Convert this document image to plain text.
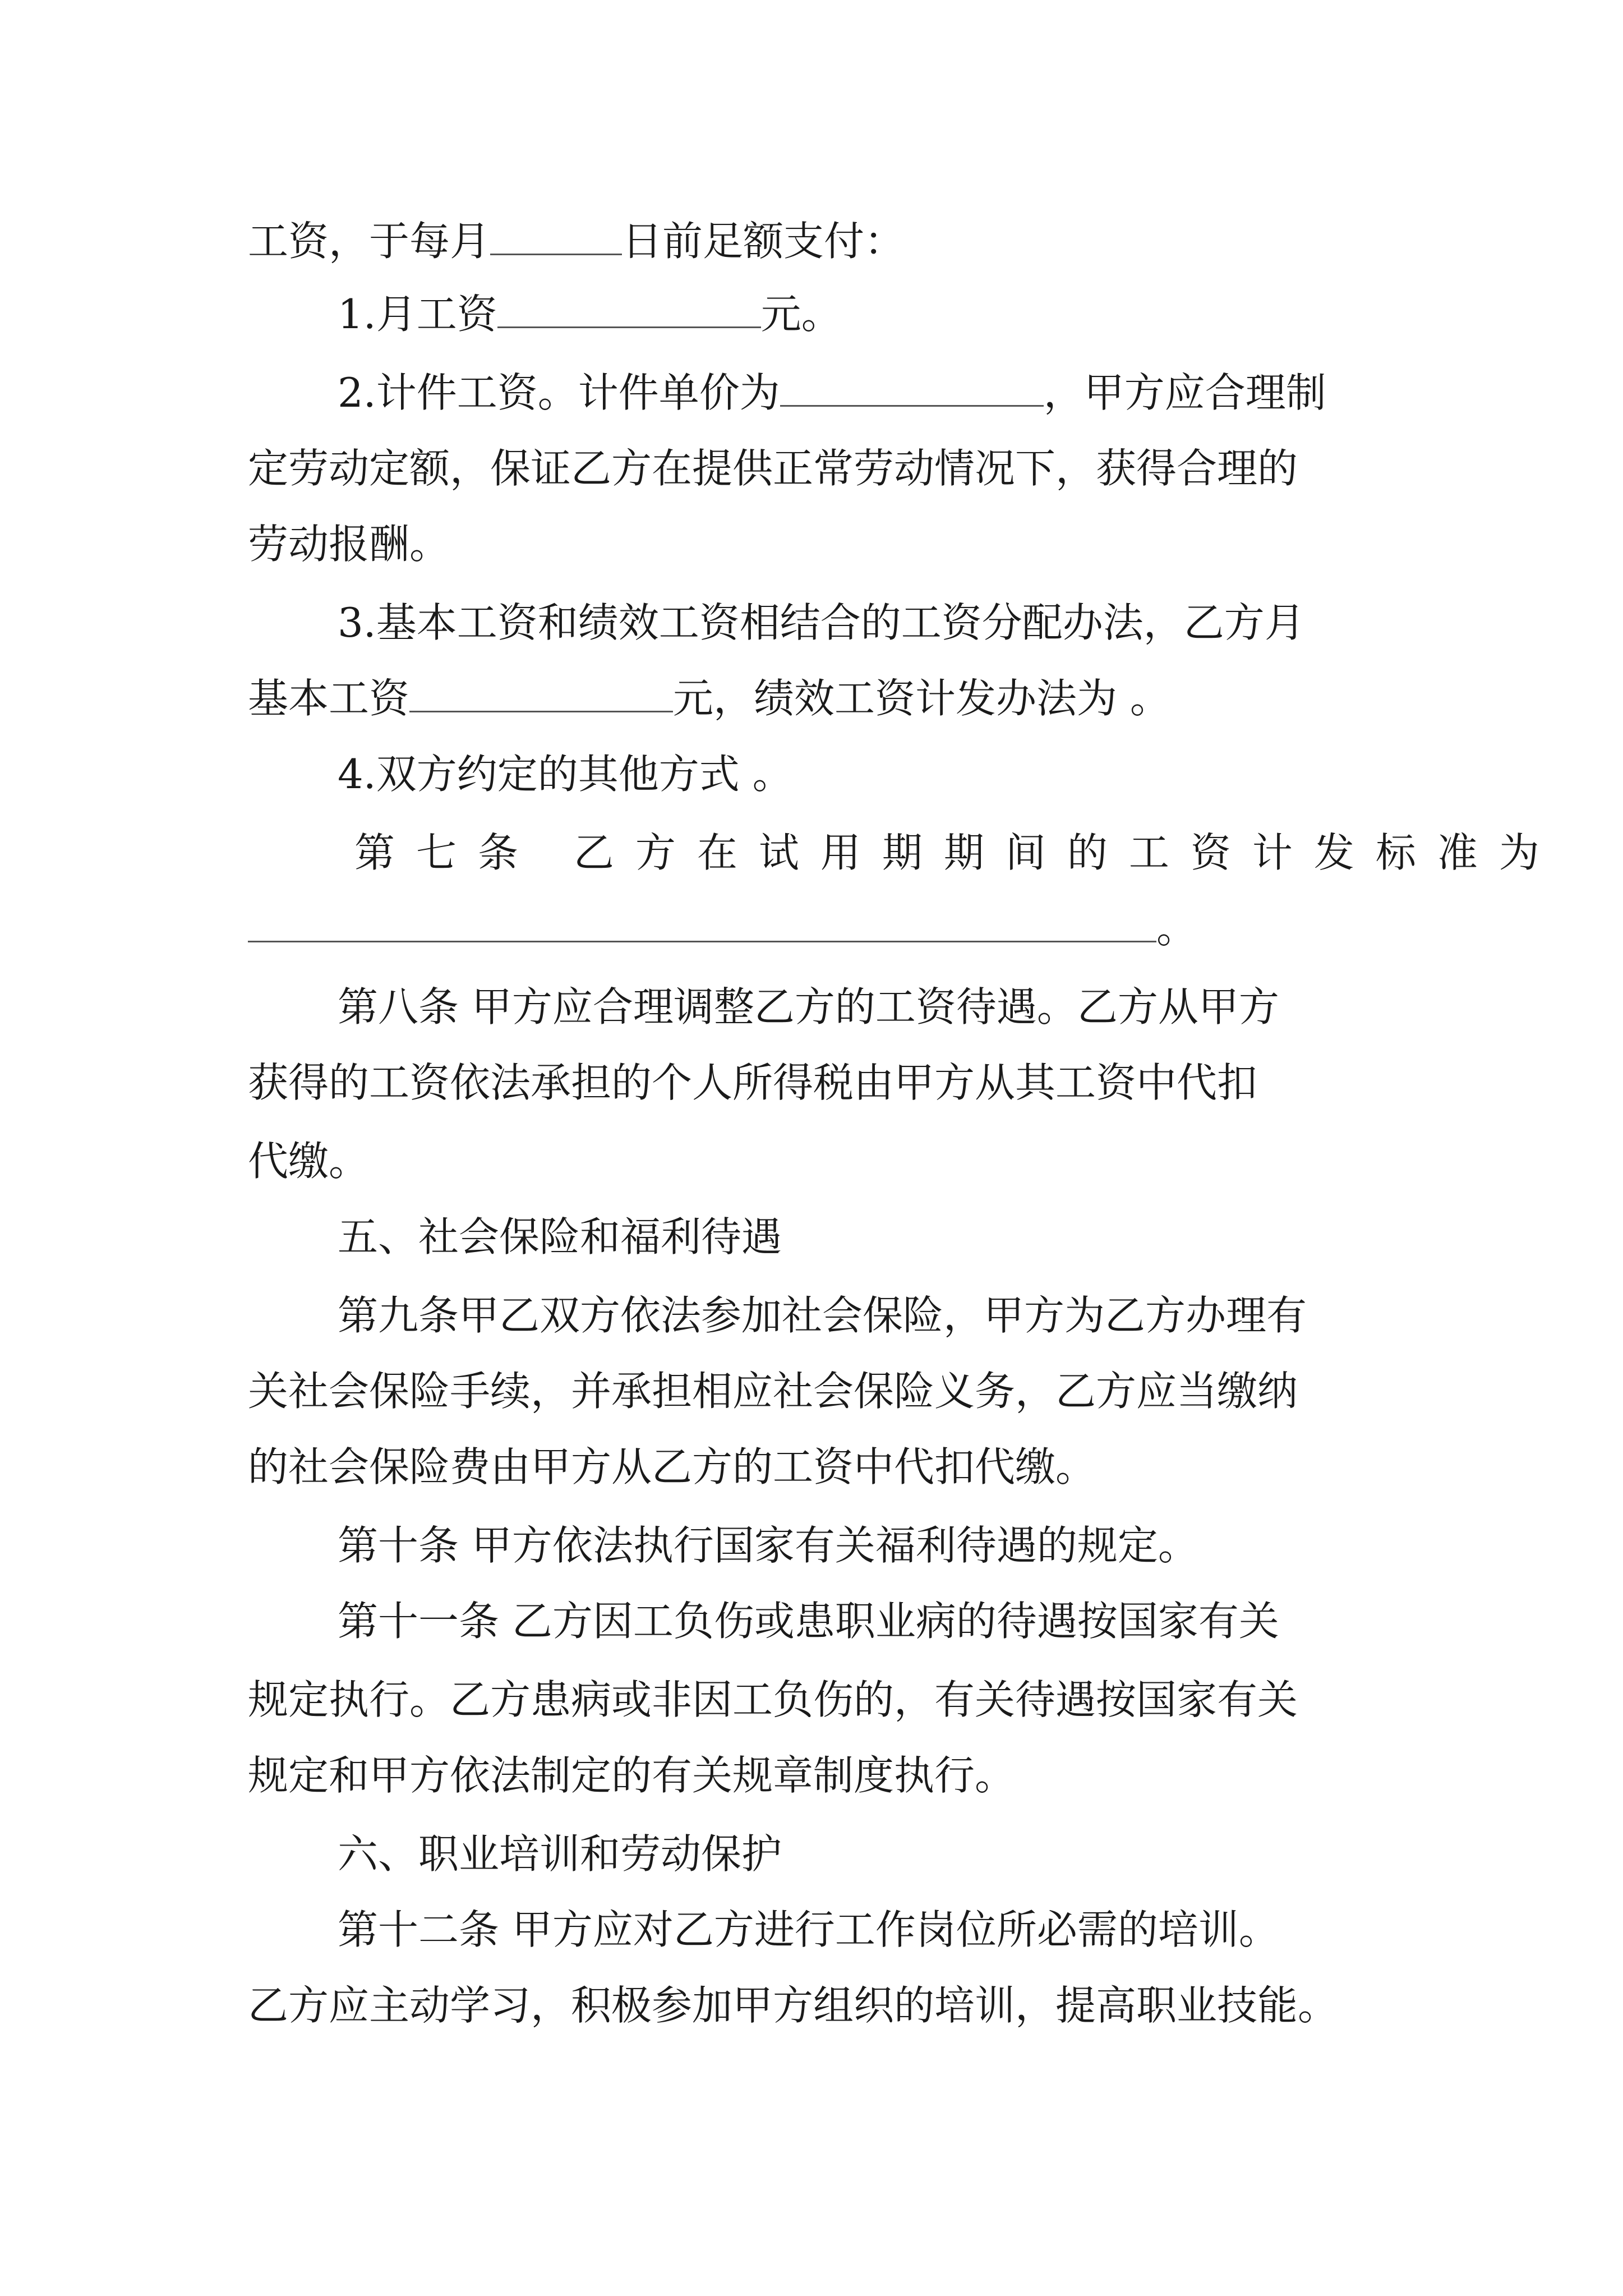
工资，于每月	日前足额支付：
1.月工资	元。
2.计件工资。计件单价为	，甲方应合理制
定劳动定额，保证乙方在提供正常劳动情况下，获得合理的
劳动报酬。
3.基本工资和绩效工资相结合的工资分配办法，乙方月
基本工资	元，绩效工资计发办法为 。
4.双方约定的其他方式 。
第七条 乙方在试用期期间的工资计发标准为
。
第八条 甲方应合理调整乙方的工资待遇。乙方从甲方
获得的工资依法承担的个人所得税由甲方从其工资中代扣
代缴。
五、社会保险和福利待遇
第九条甲乙双方依法参加社会保险，甲方为乙方办理有
关社会保险手续，并承担相应社会保险义务，乙方应当缴纳
的社会保险费由甲方从乙方的工资中代扣代缴。
第十条 甲方依法执行国家有关福利待遇的规定。
第十一条 乙方因工负伤或患职业病的待遇按国家有关
规定执行。乙方患病或非因工负伤的，有关待遇按国家有关
规定和甲方依法制定的有关规章制度执行。
六、职业培训和劳动保护
第十二条 甲方应对乙方进行工作岗位所必需的培训。
乙方应主动学习，积极参加甲方组织的培训，提高职业技能。
